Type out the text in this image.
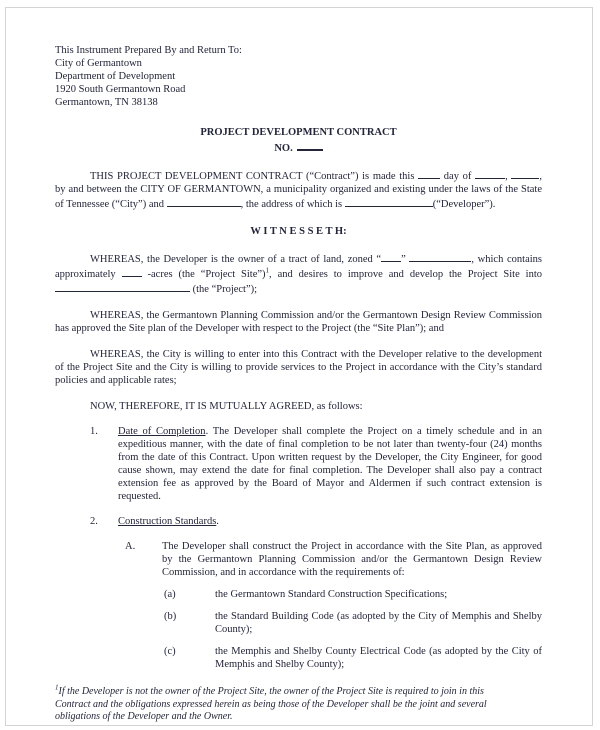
This Instrument Prepared By and Return To:
City of Germantown
Department of Development
1920 South Germantown Road
Germantown, TN 38138
PROJECT DEVELOPMENT CONTRACT
NO.

THIS PROJECT DEVELOPMENT CONTRACT (“Contract”) is made this  day of	,	, by and between the CITY OF GERMANTOWN, a municipality organized and existing under the laws of the State of Tennessee (“City”) and	, the address of which is	(“Developer”).

W I T N E S S E T H:

WHEREAS, the Developer is the owner of a tract of land, zoned “ ”	, which contains approximately  -acres (the “Project Site”)$^1$, and desires to improve and develop the Project Site into  (the “Project”);

WHEREAS, the Germantown Planning Commission and/or the Germantown Design Review Commission has approved the Site plan of the Developer with respect to the Project (the “Site Plan”); and

WHEREAS, the City is willing to enter into this Contract with the Developer relative to the development of the Project Site and the City is willing to provide services to the Project in accordance with the City’s standard policies and applicable rates;

NOW, THEREFORE, IT IS MUTUALLY AGREED, as follows:

1.	Date of Completion. The Developer shall complete the Project on a timely schedule and in an expeditious manner, with the date of final completion to be not later than twenty-four (24) months from the date of this Contract. Upon written request by the Developer, the City Engineer, for good cause shown, may extend the date for final completion. The Developer shall also pay a contract extension fee as approved by the Board of Mayor and Aldermen if such contract extension is requested.
2.	Construction Standards.
A.	The Developer shall construct the Project in accordance with the Site Plan, as approved by the Germantown Planning Commission and/or the Germantown Design Review Commission, and in accordance with the requirements of:
(a)	the Germantown Standard Construction Specifications;
(b)	the Standard Building Code (as adopted by the City of Memphis and Shelby County);
(c)	the Memphis and Shelby County Electrical Code (as adopted by the City of Memphis and Shelby County);
$^1$If the Developer is not the owner of the Project Site, the owner of the Project Site is required to join in this Contract and the obligations expressed herein as being those of the Developer shall be the joint and several obligations of the Developer and the Owner.
